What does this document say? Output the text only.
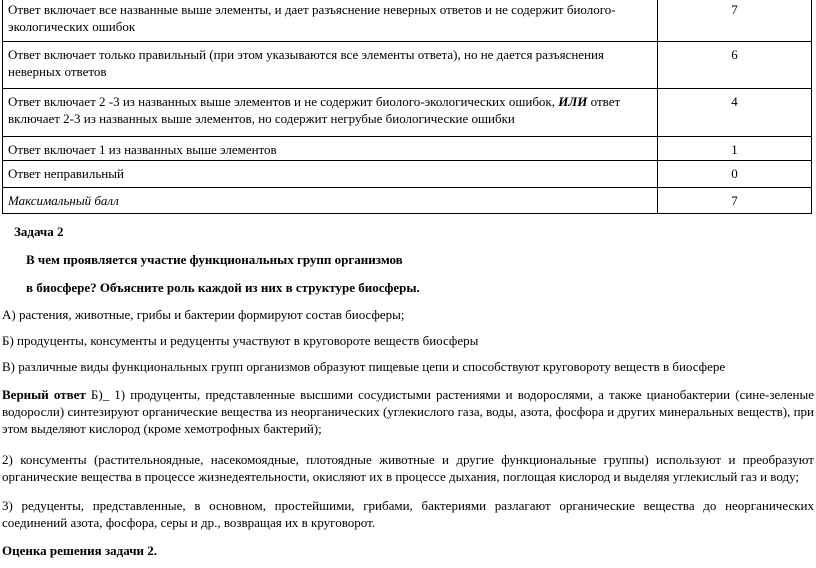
Ответ включает все названные выше элементы, и дает разъяснение неверных ответов и не содержит биолого-экологических ошибок	7
Ответ включает только правильный (при этом указываются все элементы ответа), но не дается разъяснения неверных ответов	6
Ответ включает 2 -3 из названных выше элементов и не содержит биолого-экологических ошибок, ИЛИ ответ включает 2-3 из названных выше элементов, но содержит негрубые биологические ошибки	4
Ответ включает 1 из названных выше элементов	1
Ответ неправильный	0
Максимальный балл	7
Задача 2
В чем проявляется участие функциональных групп организмов
в биосфере? Объясните роль каждой из них в структуре биосферы.
А) растения, животные, грибы и бактерии формируют состав биосферы;
Б) продуценты, консументы и редуценты участвуют в круговороте веществ биосферы
В) различные виды функциональных групп организмов образуют пищевые цепи и способствуют круговороту веществ в биосфере
Верный ответ Б)_ 1) продуценты, представленные высшими сосудистыми растениями и водорослями, а также цианобактерии (сине-зеленые водоросли) синтезируют органические вещества из неорганических (углекислого газа, воды, азота, фосфора и других минеральных веществ), при этом выделяют кислород (кроме хемотрофных бактерий);
2) консументы (растительноядные, насекомоядные, плотоядные животные и другие функциональные группы) используют и преобразуют органические вещества в процессе жизнедеятельности, окисляют их в процессе дыхания, поглощая кислород и выделяя углекислый газ и воду;
3) редуценты, представленные, в основном, простейшими, грибами, бактериями разлагают органические вещества до неорганических соединений азота, фосфора, серы и др., возвращая их в круговорот.
Оценка решения задачи 2.
